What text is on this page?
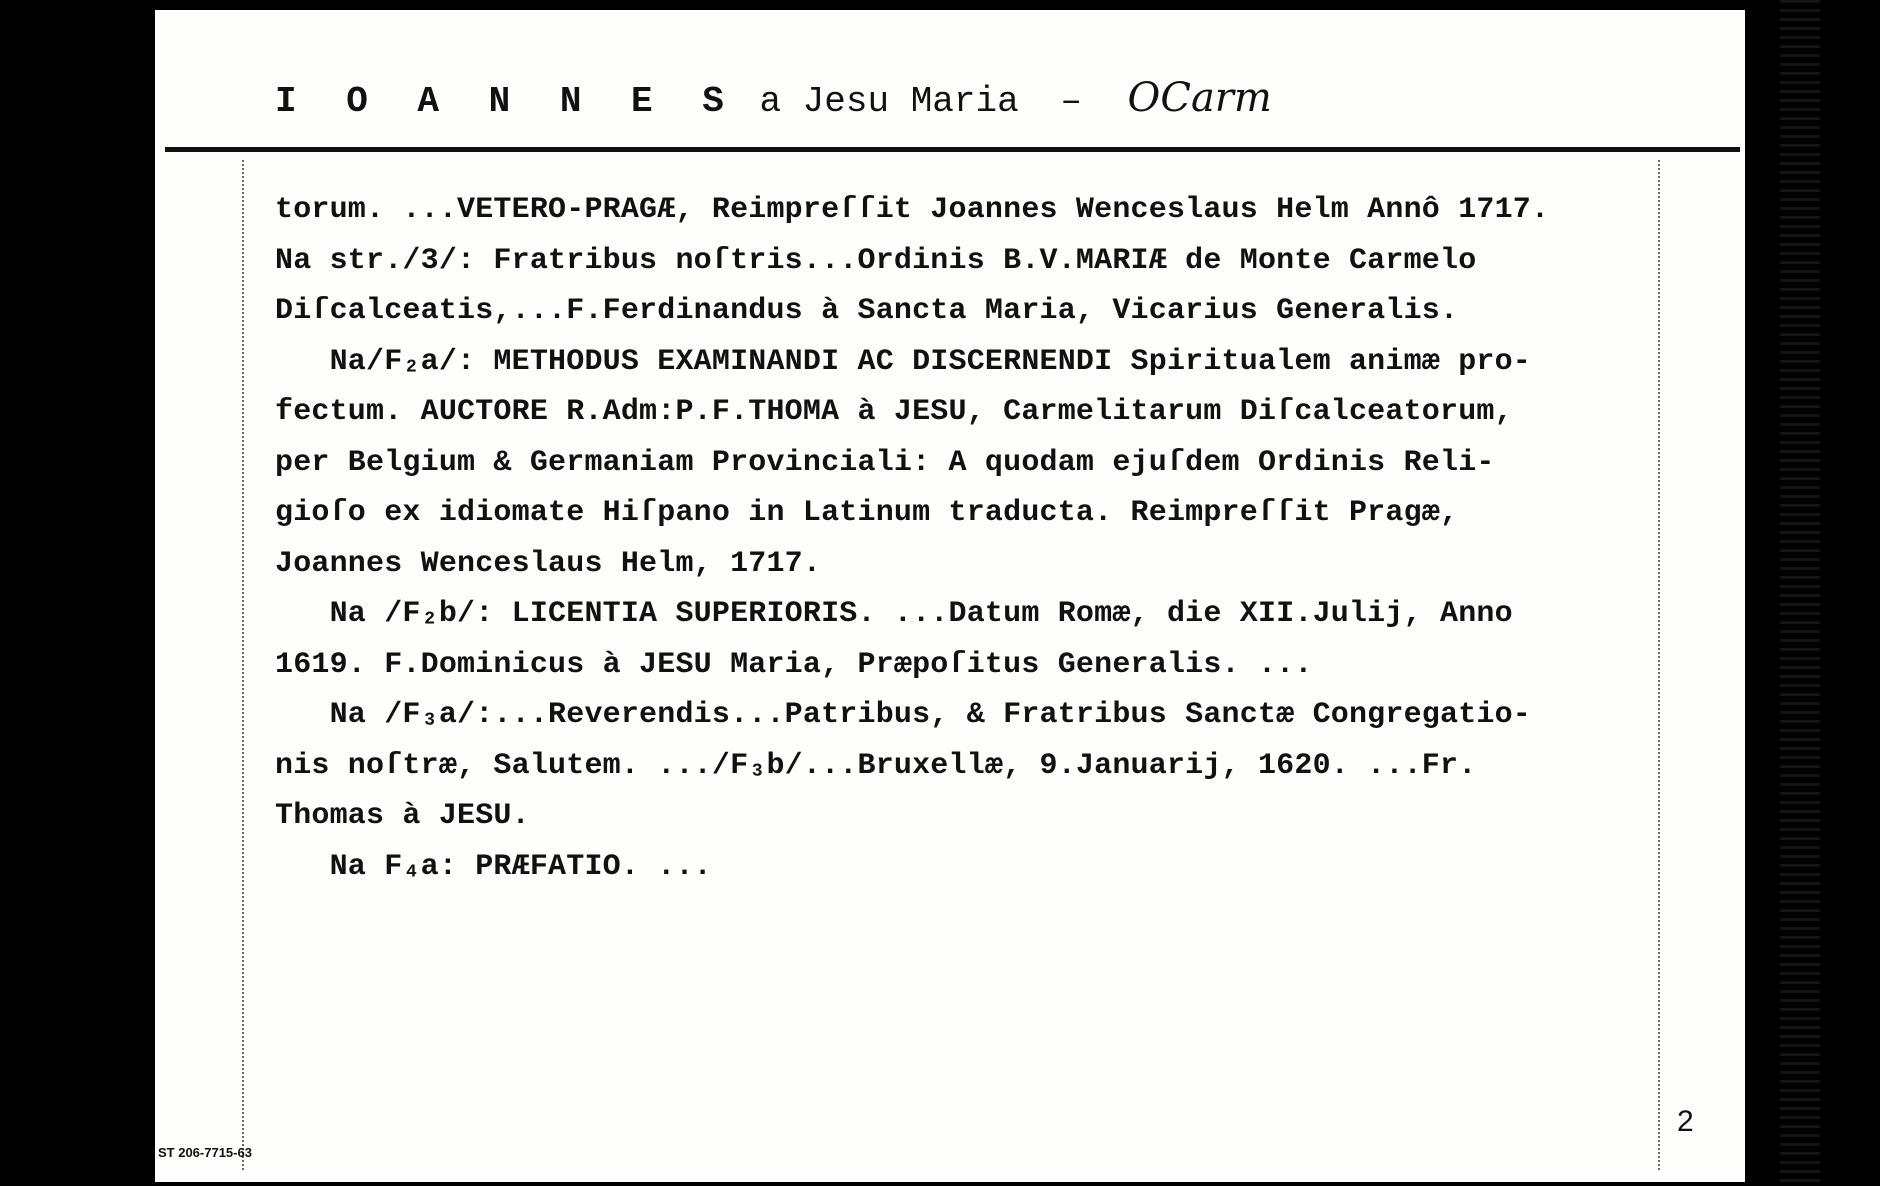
I O A N N E S a Jesu Maria – OCarm
torum. ...VETERO-PRAGÆ, Reimpreſſit Joannes Wenceslaus Helm Annô 1717.
Na str./3/: Fratribus noſtris...Ordinis B.V.MARIÆ de Monte Carmelo
Diſcalceatis,...F.Ferdinandus à Sancta Maria, Vicarius Generalis.
Na/F₂a/: METHODUS EXAMINANDI AC DISCERNENDI Spiritualem animæ pro-
fectum. AUCTORE R.Adm:P.F.THOMA à JESU, Carmelitarum Diſcalceatorum,
per Belgium & Germaniam Provinciali: A quodam ejuſdem Ordinis Reli-
gioſo ex idiomate Hiſpano in Latinum traducta. Reimpreſſit Pragæ,
Joannes Wenceslaus Helm, 1717.
Na /F₂b/: LICENTIA SUPERIORIS. ...Datum Romæ, die XII.Julij, Anno
1619. F.Dominicus à JESU Maria, Præpoſitus Generalis. ...
Na /F₃a/:...Reverendis...Patribus, & Fratribus Sanctæ Congregatio-
nis noſtræ, Salutem. .../F₃b/...Bruxellæ, 9.Januarij, 1620. ...Fr.
Thomas à JESU.
Na F₄a: PRÆFATIO. ...
2
ST 206-7715-63
